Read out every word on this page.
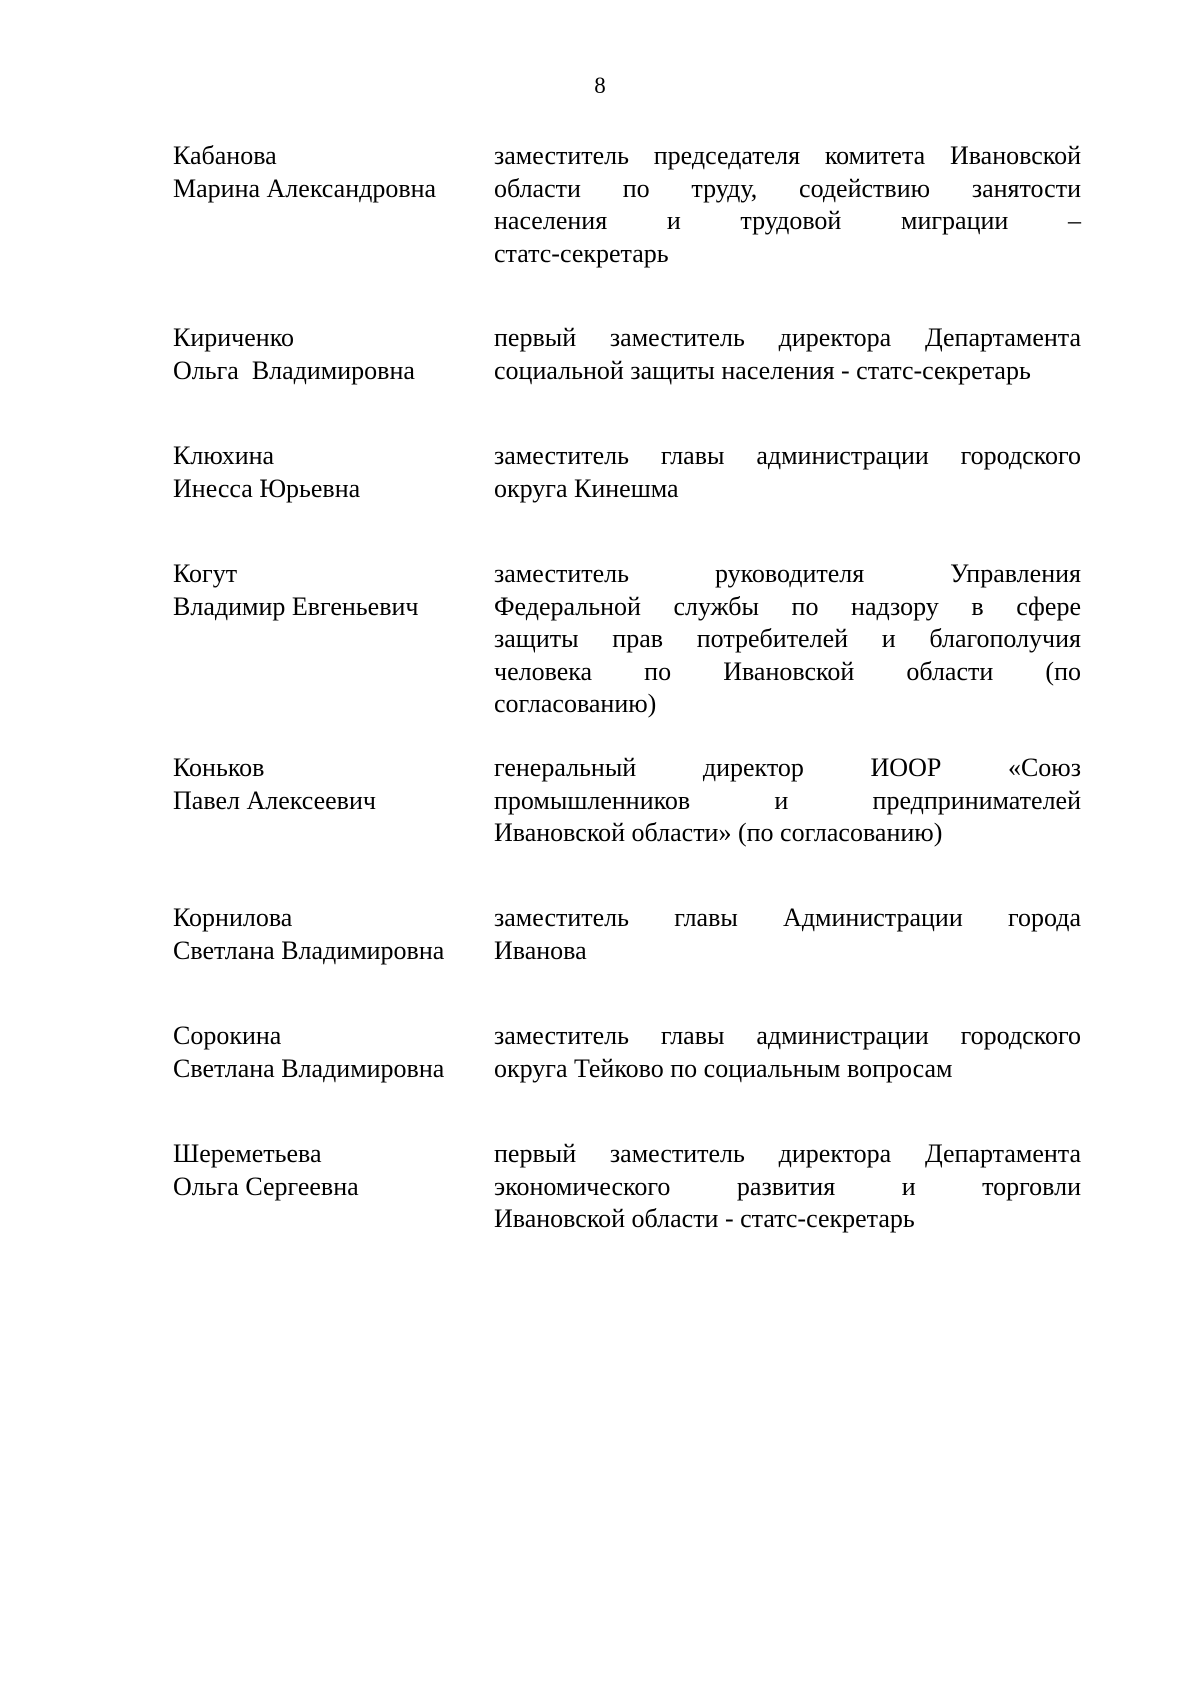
8
Кабанова
Марина Александровна
заместитель председателя комитета Ивановской
области по труду, содействию занятости
населения и трудовой миграции –
статс-секретарь
Кириченко
Ольга  Владимировна
первый заместитель директора Департамента
социальной защиты населения - статс-секретарь
Клюхина
Инесса Юрьевна
заместитель главы администрации городского
округа Кинешма
Когут
Владимир Евгеньевич
заместитель руководителя Управления
Федеральной службы по надзору в сфере
защиты прав потребителей и благополучия
человека по Ивановской области (по
согласованию)
Коньков
Павел Алексеевич
генеральный директор ИООР «Союз
промышленников и предпринимателей
Ивановской области» (по согласованию)
Корнилова
Светлана Владимировна
заместитель главы Администрации города
Иванова
Сорокина
Светлана Владимировна
заместитель главы администрации городского
округа Тейково по социальным вопросам
Шереметьева
Ольга Сергеевна
первый заместитель директора Департамента
экономического развития и торговли
Ивановской области - статс-секретарь
